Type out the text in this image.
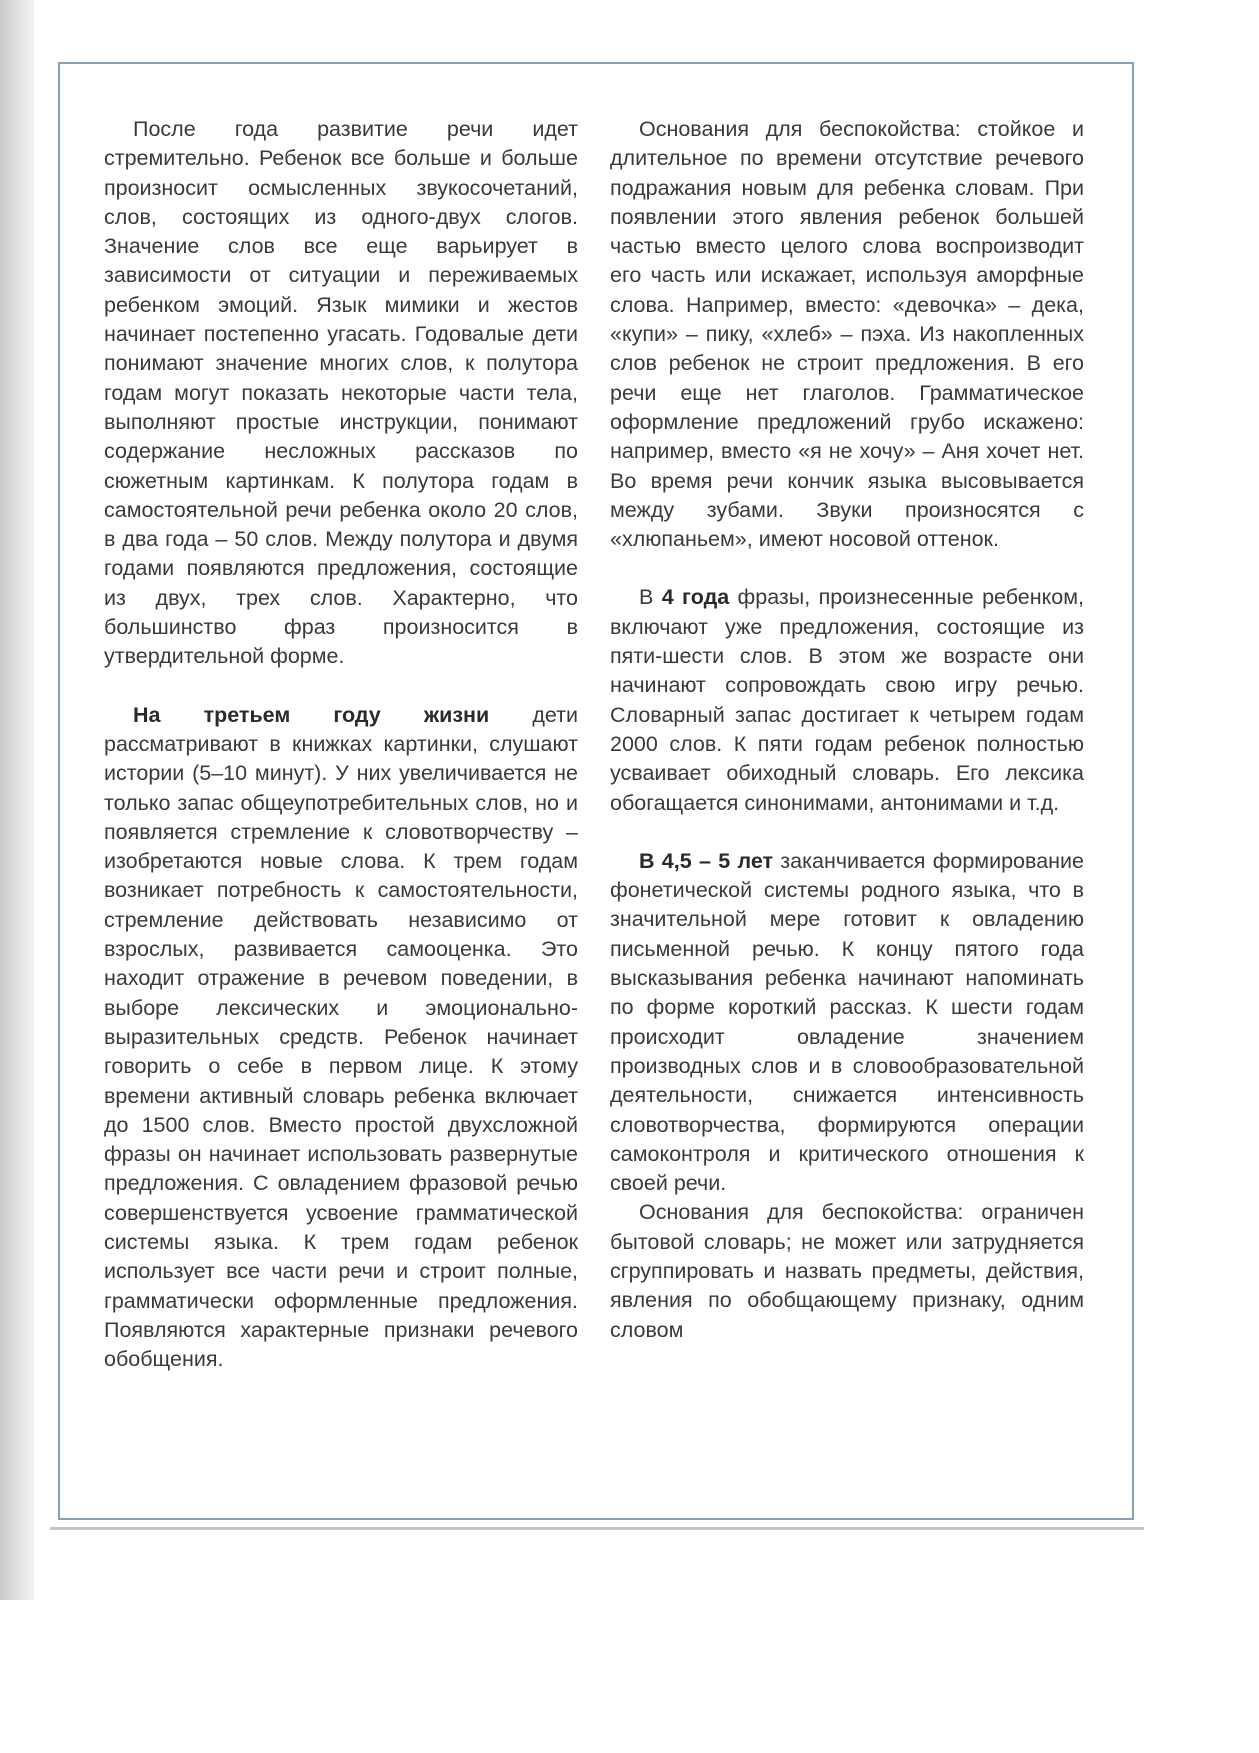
После года развитие речи идет стремительно. Ребенок все больше и больше произносит осмысленных звукосочетаний, слов, состоящих из одного-двух слогов. Значение слов все еще варьирует в зависимости от ситуации и переживаемых ребенком эмоций. Язык мимики и жестов начинает постепенно угасать. Годовалые дети понимают значение многих слов, к полутора годам могут показать некоторые части тела, выполняют простые инструкции, понимают содержание несложных рассказов по сюжетным картинкам. К полутора годам в самостоятельной речи ребенка около 20 слов, в два года – 50 слов. Между полутора и двумя годами появляются предложения, состоящие из двух, трех слов. Характерно, что большинство фраз произносится в утвердительной форме.

На третьем году жизни дети рассматривают в книжках картинки, слушают истории (5–10 минут). У них увеличивается не только запас общеупотребительных слов, но и появляется стремление к словотворчеству – изобретаются новые слова. К трем годам возникает потребность к самостоятельности, стремление действовать независимо от взрослых, развивается самооценка. Это находит отражение в речевом поведении, в выборе лексических и эмоционально-выразительных средств. Ребенок начинает говорить о себе в первом лице. К этому времени активный словарь ребенка включает до 1500 слов. Вместо простой двухсложной фразы он начинает использовать развернутые предложения. С овладением фразовой речью совершенствуется усвоение грамматической системы языка. К трем годам ребенок использует все части речи и строит полные, грамматически оформленные предложения. Появляются характерные признаки речевого обобщения.

Основания для беспокойства: стойкое и длительное по времени отсутствие речевого подражания новым для ребенка словам. При появлении этого явления ребенок большей частью вместо целого слова воспроизводит его часть или искажает, используя аморфные слова. Например, вместо: «девочка» – дека, «купи» – пику, «хлеб» – пэха. Из накопленных слов ребенок не строит предложения. В его речи еще нет глаголов. Грамматическое оформление предложений грубо искажено: например, вместо «я не хочу» – Аня хочет нет. Во время речи кончик языка высовывается между зубами. Звуки произносятся с «хлюпаньем», имеют носовой оттенок.

В 4 года фразы, произнесенные ребенком, включают уже предложения, состоящие из пяти-шести слов. В этом же возрасте они начинают сопровождать свою игру речью. Словарный запас достигает к четырем годам 2000 слов. К пяти годам ребенок полностью усваивает обиходный словарь. Его лексика обогащается синонимами, антонимами и т.д.

В 4,5 – 5 лет заканчивается формирование фонетической системы родного языка, что в значительной мере готовит к овладению письменной речью. К концу пятого года высказывания ребенка начинают напоминать по форме короткий рассказ. К шести годам происходит овладение значением производных слов и в словообразовательной деятельности, снижается интенсивность словотворчества, формируются операции самоконтроля и критического отношения к своей речи.

Основания для беспокойства: ограничен бытовой словарь; не может или затрудняется сгруппировать и назвать предметы, действия, явления по обобщающему признаку, одним словом
